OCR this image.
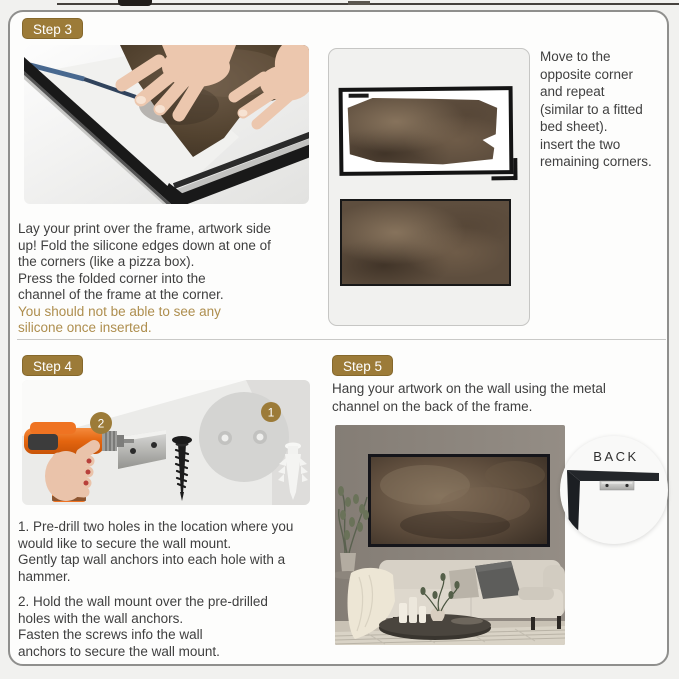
Step 3
Lay your print over the frame, artwork side
up! Fold the silicone edges down at one of
the corners (like a pizza box).
Press the folded corner into the
channel of the frame at the corner.
You should not be able to see any
silicone once inserted.
Move to the
opposite corner
and repeat
(similar to a fitted
bed sheet).
insert the two
remaining corners.
Step 4
1
2
1. Pre-drill two holes in the location where you
would like to secure the wall mount.
Gently tap wall anchors into each hole with a
hammer.
2. Hold the wall mount over the pre-drilled
holes with the wall anchors.
Fasten the screws info the wall
anchors to secure the wall mount.
Step 5
Hang your artwork on the wall using the metal
channel on the back of the frame.
BACK
